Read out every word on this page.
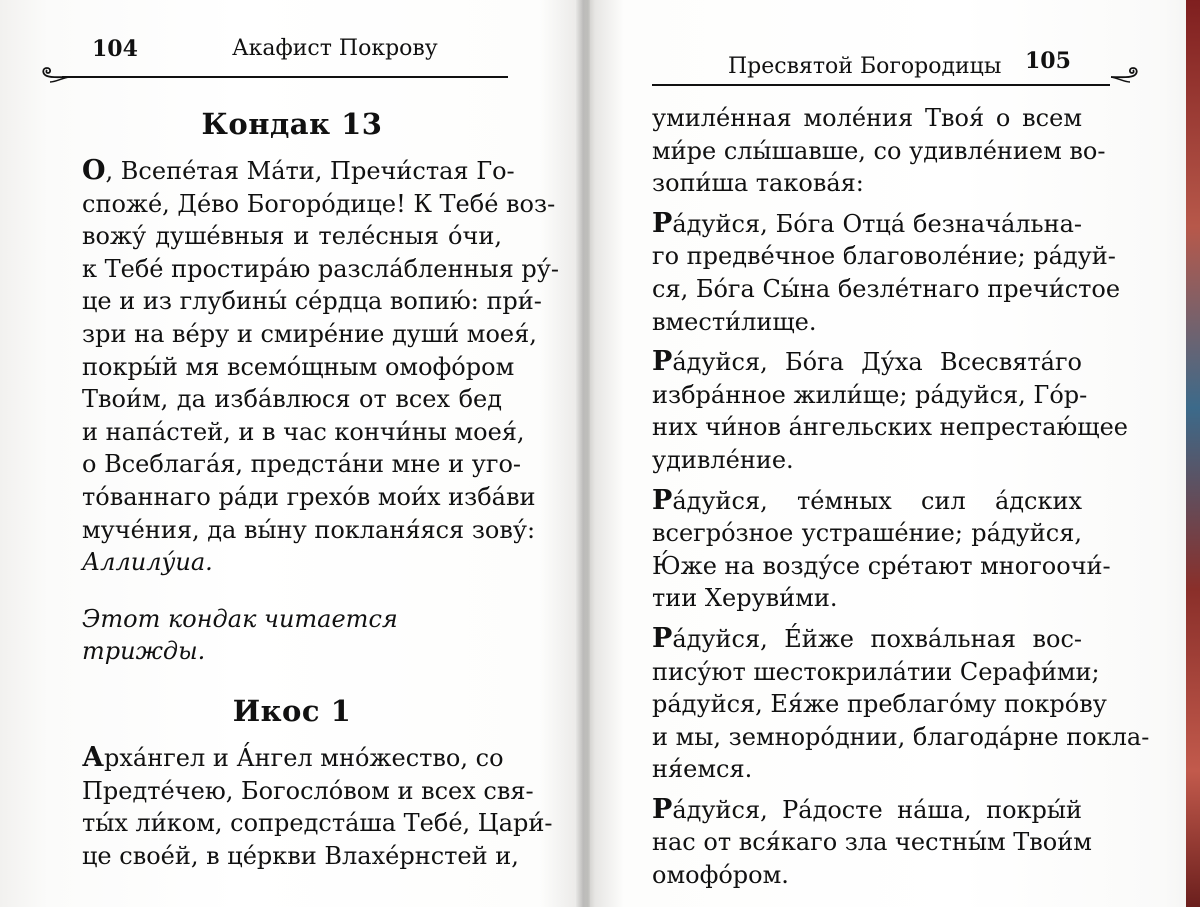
104	Акафист Покрову
Кондак 13

О, Всепе́тая Ма́ти, Пречи́стая Го-
споже́, Де́во Богоро́дице! К Тебе́ воз-
вожу́ душе́вныя и теле́сныя о́чи,
к Тебе́ простира́ю разсла́бленныя ру́-
це и из глубины́ се́рдца вопию́: при́-
зри на ве́ру и смире́ние души́ моея́,
покры́й мя всемо́щным омофо́ром
Твои́м, да изба́влюся от всех бед
и напа́стей, и в час кончи́ны моея́,
о Всеблага́я, предста́ни мне и уго-
то́ваннаго ра́ди грехо́в мои́х изба́ви
муче́ния, да вы́ну покланя́яся зову́:
Аллилу́иа.

Этот кондак читается трижды.

Икос 1

Арха́нгел и А́нгел мно́жество, со
Предте́чею, Богосло́вом и всех свя-
ты́х ли́ком, сопредста́ша Тебе́, Цари́-
це свое́й, в це́ркви Влахе́рнстей и,

Пресвятой Богородицы 105

умиле́нная моле́ния Твоя́ о всем
ми́ре слы́шавше, со удивле́нием во-
зопи́ша такова́я:

Ра́дуйся, Бо́га Отца́ безнача́льна-
го предве́чное благоволе́ние; ра́дуй-
ся, Бо́га Сы́на безле́тнаго пречи́стое
вмести́лище.

Ра́дуйся, Бо́га Ду́ха Всесвята́го
избра́нное жили́ще; ра́дуйся, Го́р-
них чи́нов а́нгельских непрестаю́щее
удивле́ние.

Ра́дуйся, те́мных сил а́дских
всегро́зное устраше́ние; ра́дуйся,
Ю́же на возду́се сре́тают многоочи́-
тии Херуви́ми.

Ра́дуйся, Е́йже похва́льная вос-
пису́ют шестокрила́тии Серафи́ми;
ра́дуйся, Ея́же преблаго́му покро́ву
и мы, земноро́днии, благода́рне покла-
ня́емся.

Ра́дуйся, Ра́досте на́ша, покры́й
нас от вся́каго зла честны́м Твои́м
омофо́ром.
